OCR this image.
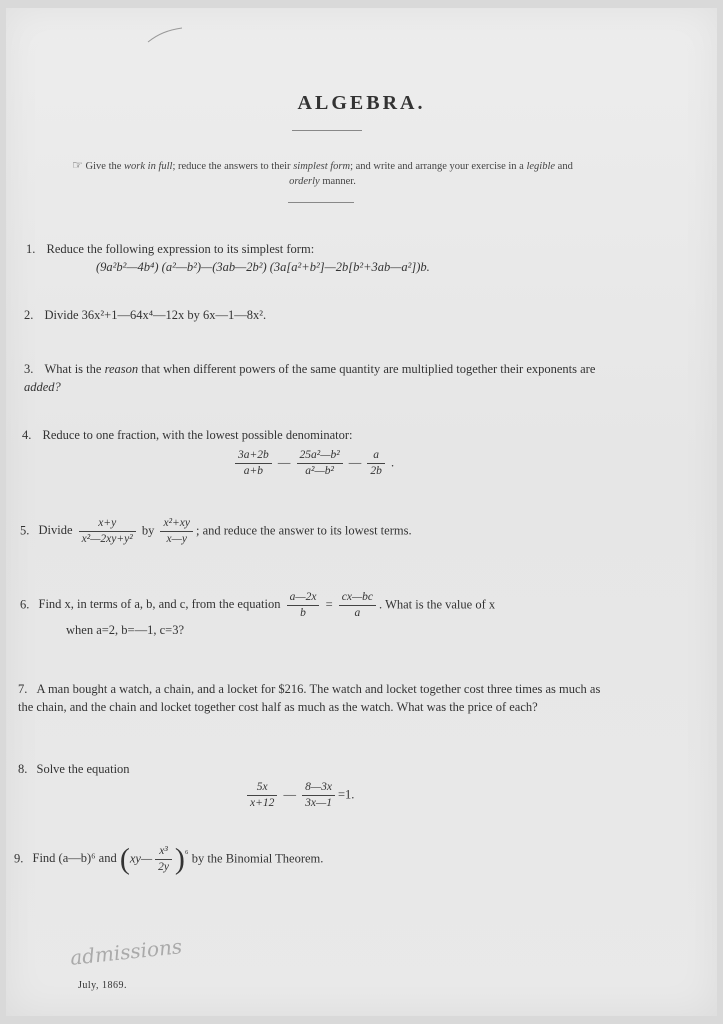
ALGEBRA.
☞ Give the work in full; reduce the answers to their simplest form; and write and arrange your exercise in a legible and
orderly manner.
1. Reduce the following expression to its simplest form:
(9a²b²—4b⁴) (a²—b²)—(3ab—2b²) (3a[a²+b²]—2b[b²+3ab—a²])b.
2. Divide 36x²+1—64x⁴—12x by 6x—1—8x².
3. What is the reason that when different powers of the same quantity are multiplied together their exponents are added?
4. Reduce to one fraction, with the lowest possible denominator:
$\frac{3a+2b}{a+b}$ — $\frac{\text{25a²—b²}}{\text{a²—b²}}$ — $\frac{a}{2b}$ .
5. Divide $\frac{x+y}{\text{x²—2xy+y²}}$ by $\frac{\text{x²+xy}}{x—y}$ ; and reduce the answer to its lowest terms.
6. Find x, in terms of a, b, and c, from the equation $\frac{a—2x}{b} = \frac{cx—bc}{a}$ . What is the value of x
when a=2, b=—1, c=3?
7. A man bought a watch, a chain, and a locket for $216. The watch and locket together cost three times as much as the chain, and the chain and locket together cost half as much as the watch. What was the price of each?
8. Solve the equation
$\frac{5x}{x+12}$ — $\frac{8—3x}{3x—1} =1$.
9. Find (a—b)⁶ and (xy— $\frac{\text{x³}}{2y} )^{^6}$ by the Binomial Theorem.
admissions
July, 1869.
